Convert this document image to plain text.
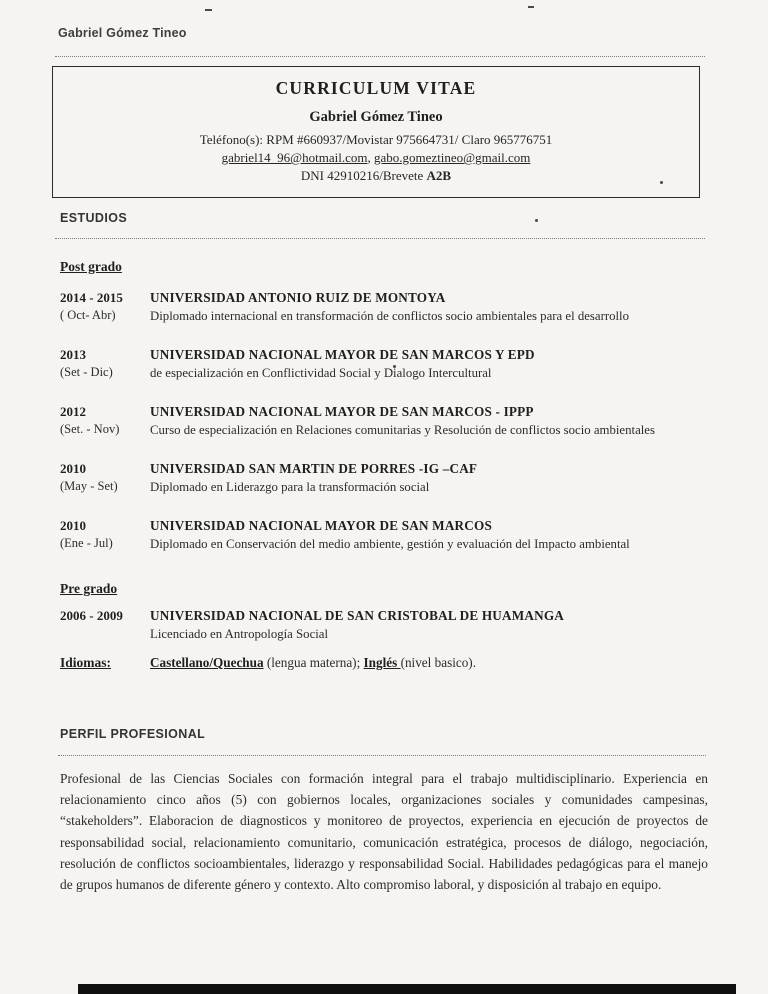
Gabriel Gómez Tineo
CURRICULUM VITAE
Gabriel Gómez Tineo
Teléfono(s): RPM #660937/Movistar 975664731/ Claro 965776751
gabriel14_96@hotmail.com, gabo.gomeztineo@gmail.com
DNI 42910216/Brevete A2B
ESTUDIOS
Post grado
2014 - 2015
( Oct- Abr)
UNIVERSIDAD ANTONIO RUIZ DE MONTOYA
Diplomado internacional en transformación de conflictos socio ambientales para el desarrollo
2013
(Set - Dic)
UNIVERSIDAD NACIONAL MAYOR DE SAN MARCOS Y EPD
de especialización en Conflictividad Social y Dialogo Intercultural
2012
(Set. - Nov)
UNIVERSIDAD NACIONAL MAYOR DE SAN MARCOS - IPPP
Curso de especialización en Relaciones comunitarias y Resolución de conflictos socio ambientales
2010
(May - Set)
UNIVERSIDAD SAN MARTIN DE PORRES -IG –CAF
Diplomado en Liderazgo para la transformación social
2010
(Ene - Jul)
UNIVERSIDAD NACIONAL MAYOR DE SAN MARCOS
Diplomado en Conservación del medio ambiente, gestión y evaluación del Impacto ambiental
Pre grado
2006 - 2009	UNIVERSIDAD NACIONAL DE SAN CRISTOBAL DE HUAMANGA
Licenciado en Antropología Social
Idiomas:	Castellano/Quechua (lengua materna); Inglés (nivel basico).
PERFIL PROFESIONAL
Profesional de las Ciencias Sociales con formación integral para el trabajo multidisciplinario. Experiencia en relacionamiento cinco años (5) con gobiernos locales, organizaciones sociales y comunidades campesinas, “stakeholders”. Elaboracion de diagnosticos y monitoreo de proyectos, experiencia en ejecución de proyectos de responsabilidad social, relacionamiento comunitario, comunicación estratégica, procesos de diálogo, negociación, resolución de conflictos socioambientales, liderazgo y responsabilidad Social. Habilidades pedagógicas para el manejo de grupos humanos de diferente género y contexto. Alto compromiso laboral, y disposición al trabajo en equipo.
